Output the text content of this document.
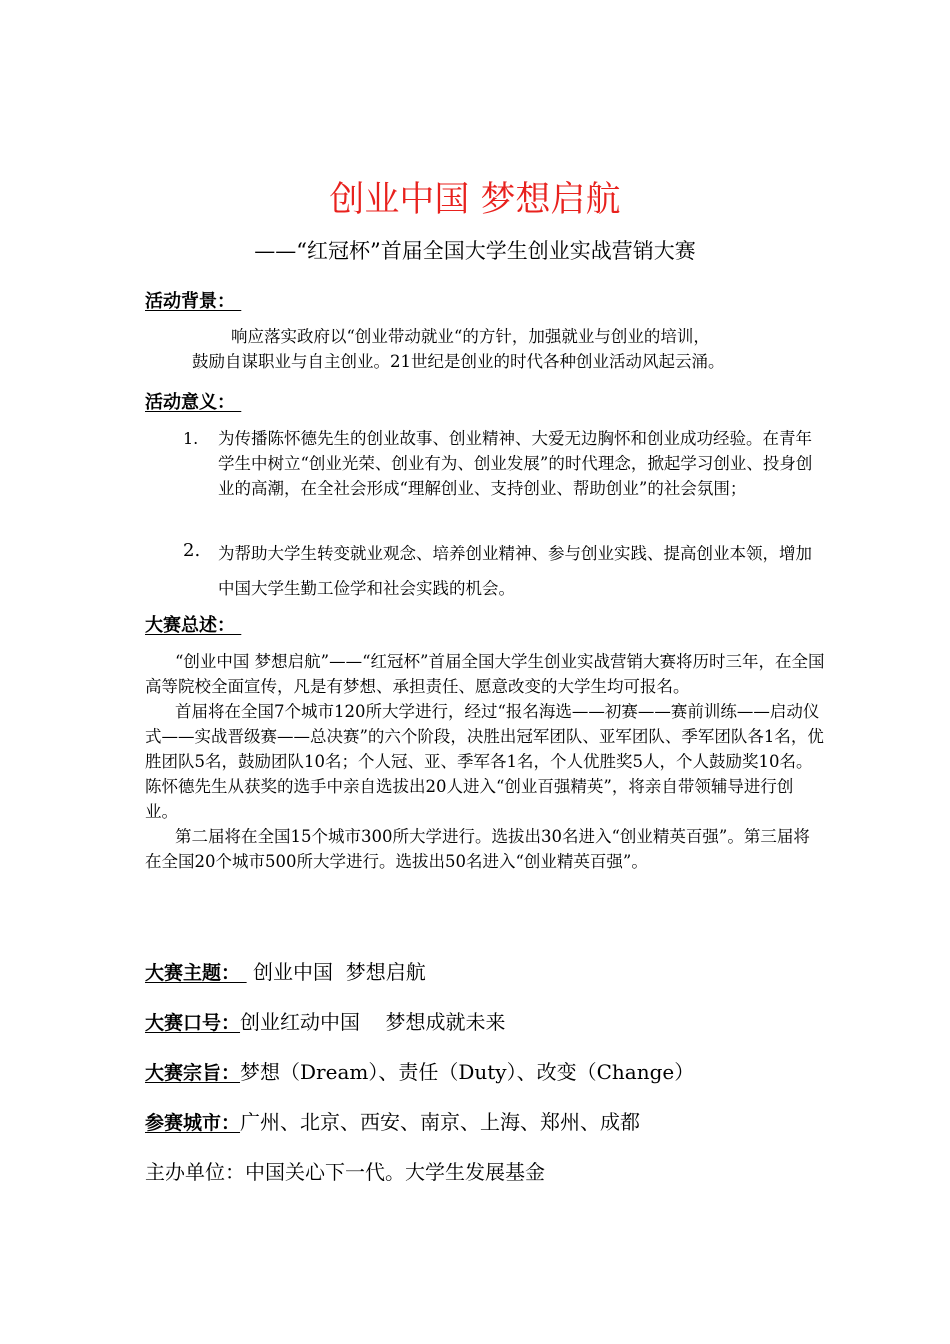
创业中国 梦想启航
——“红冠杯”首届全国大学生创业实战营销大赛
活动背景：
响应落实政府以“创业带动就业“的方针，加强就业与创业的培训，
鼓励自谋职业与自主创业。21世纪是创业的时代各种创业活动风起云涌。
活动意义：
1. 为传播陈怀德先生的创业故事、创业精神、大爱无边胸怀和创业成功经验。在青年学生中树立“创业光荣、创业有为、创业发展”的时代理念，掀起学习创业、投身创业的高潮，在全社会形成“理解创业、支持创业、帮助创业”的社会氛围；
2. 为帮助大学生转变就业观念、培养创业精神、参与创业实践、提高创业本领，增加中国大学生勤工俭学和社会实践的机会。
大赛总述：

“创业中国 梦想启航”——“红冠杯”首届全国大学生创业实战营销大赛将历时三年，在全国高等院校全面宣传，凡是有梦想、承担责任、愿意改变的大学生均可报名。

首届将在全国7个城市120所大学进行，经过“报名海选——初赛——赛前训练——启动仪式——实战晋级赛——总决赛”的六个阶段，决胜出冠军团队、亚军团队、季军团队各1名，优胜团队5名，鼓励团队10名；个人冠、亚、季军各1名，个人优胜奖5人，个人鼓励奖10名。陈怀德先生从获奖的选手中亲自选拔出20人进入“创业百强精英”，将亲自带领辅导进行创业。

第二届将在全国15个城市300所大学进行。选拔出30名进入“创业精英百强”。第三届将在全国20个城市500所大学进行。选拔出50名进入“创业精英百强”。

大赛主题：  创业中国  梦想启航
大赛口号：创业红动中国    梦想成就未来
大赛宗旨：梦想（Dream）、责任（Duty）、改变（Change）
参赛城市：广州、北京、西安、南京、上海、郑州、成都
主办单位：中国关心下一代。大学生发展基金
